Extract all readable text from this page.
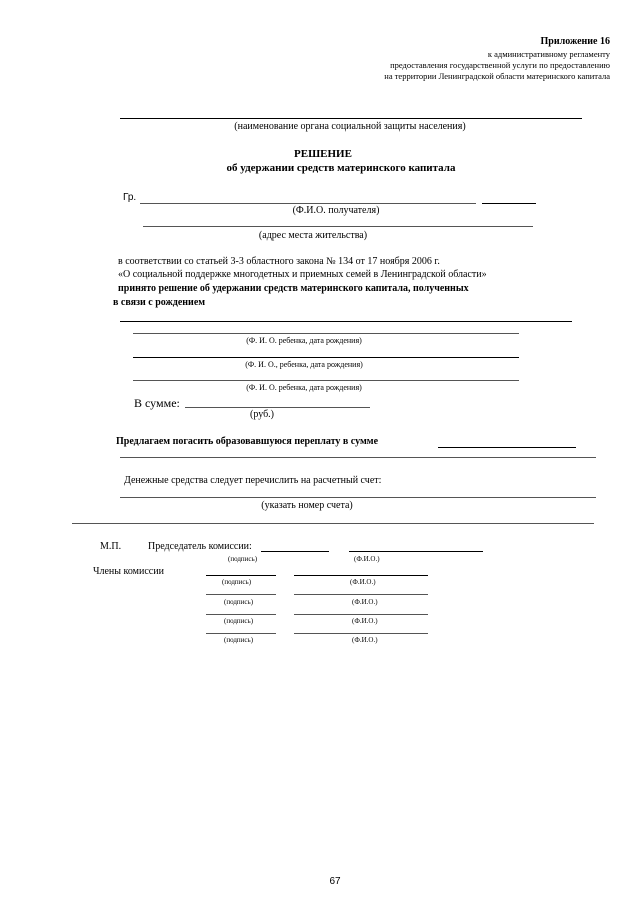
Приложение 16
к административному регламенту
предоставления государственной услуги по предоставлению
на территории Ленинградской области материнского капитала
(наименование органа социальной защиты населения)
РЕШЕНИЕ
об удержании средств материнского капитала
Гр.
(Ф.И.О. получателя)
(адрес места жительства)
в соответствии со статьей 3-3 областного закона № 134 от 17 ноября 2006 г.
«О социальной поддержке многодетных и приемных семей в Ленинградской области»
принято решение об удержании средств материнского капитала, полученных
в связи с рождением
(Ф. И. О. ребенка, дата рождения)
(Ф. И. О., ребенка, дата рождения)
(Ф. И. О. ребенка, дата рождения)
В сумме:
(руб.)
Предлагаем погасить образовавшуюся переплату в сумме
Денежные средства следует перечислить на расчетный счет:
(указать номер счета)
М.П.	Председатель комиссии:
(подпись)	(Ф.И.О.)
Члены комиссии
(подпись)	(Ф.И.О.)
(подпись)	(Ф.И.О.)
(подпись)	(Ф.И.О.)
(подпись)	(Ф.И.О.)
67
